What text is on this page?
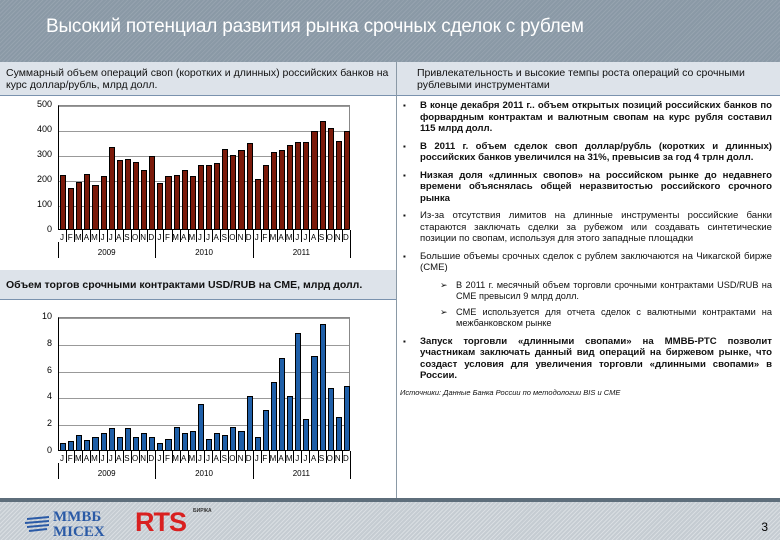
Высокий потенциал развития рынка срочных сделок с рублем
Суммарный объем операций своп (коротких и длинных) российских банков на курс доллар/рубль, млрд долл.
Привлекательность и высокие темпы роста операций со срочными рублевыми инструментами
0
100
200
300
400
500
J F M A M J J A S O N D J F M A M J J A S O N D J F M A M J J A S O N D
2009	2010	2011
Объем торгов срочными контрактами USD/RUB на CME, млрд долл.
0
2
4
6
8
10
J F M A M J J A S O N D J F M A M J J A S O N D J F M A M J J A S O N D
2009	2010	2011
▪ В конце декабря 2011 г.. объем открытых позиций российских банков по форвардным контрактам и валютным свопам на курс рубля составил 115 млрд долл.
▪ В 2011 г. объем сделок своп доллар/рубль (коротких и длинных) российских банков увеличился на 31%, превысив за год 4 трлн долл.
▪ Низкая доля «длинных свопов» на российском рынке до недавнего времени объяснялась общей неразвитостью российского срочного рынка
▪ Из-за отсутствия лимитов на длинные инструменты российские банки стараются заключать сделки за рубежом или создавать синтетические позиции по свопам, используя для этого западные площадки
▪ Большие объемы срочных сделок с рублем заключаются на Чикагской бирже (CME)
➢ В 2011 г. месячный объем торговли срочными контрактами USD/RUB на CME превысил 9 млрд долл.
➢ CME используется для отчета сделок с валютными контрактами на межбанковском рынке
▪ Запуск торговли «длинными свопами» на ММВБ-РТС позволит участникам заключать данный вид операций на биржевом рынке, что создаст условия для увеличения торговли «длинными свопами» в России.
Источники: Данные Банка России по методологии BIS и CME
ММВБ
MICEX RTS БИРЖА
3
